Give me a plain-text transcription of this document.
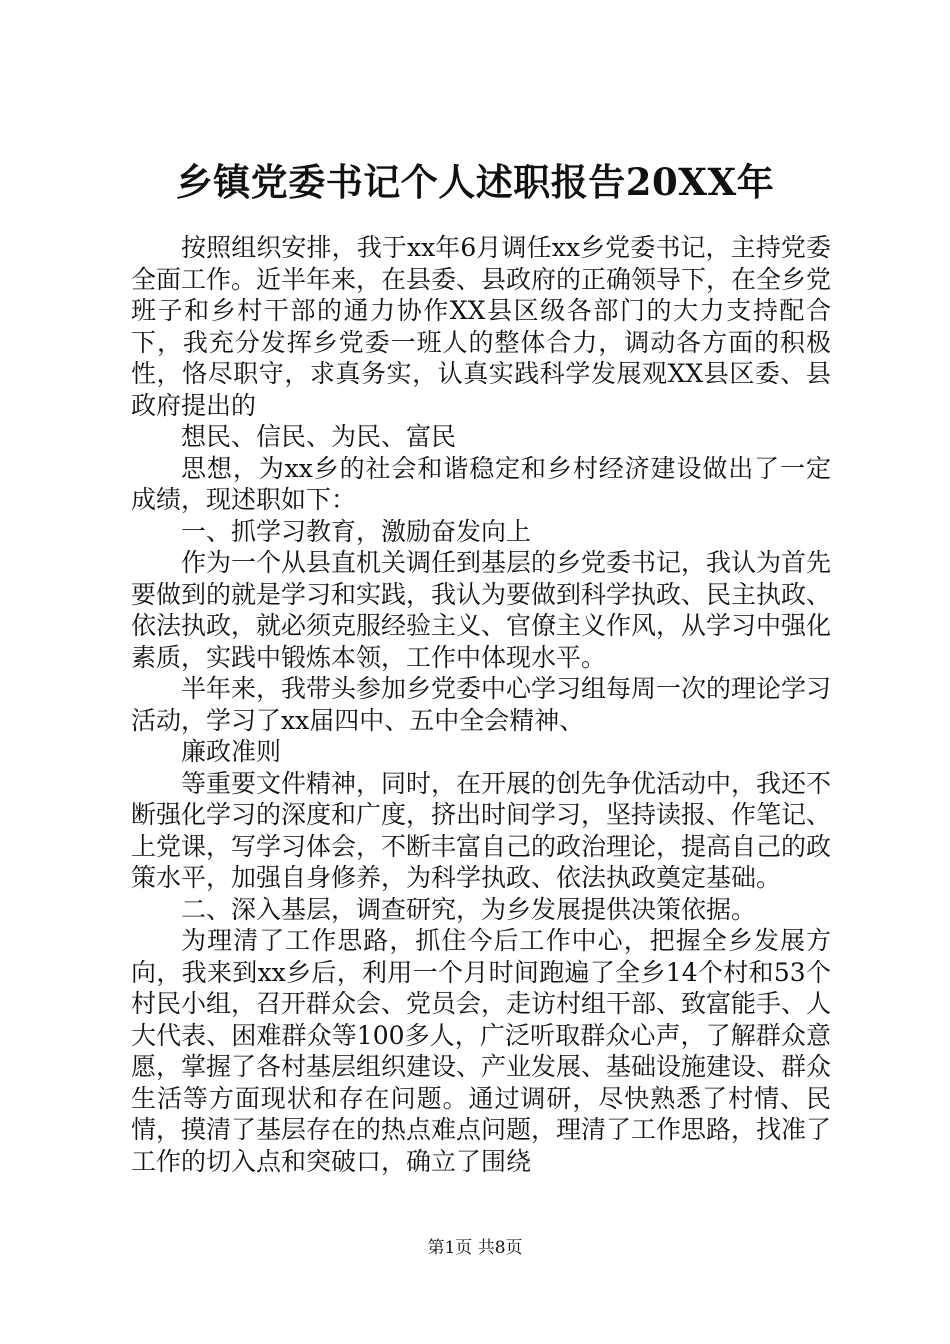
乡镇党委书记个人述职报告20XX年

按照组织安排，我于xx年6月调任xx乡党委书记，主持党委全面工作。近半年来，在县委、县政府的正确领导下，在全乡党班子和乡村干部的通力协作XX县区级各部门的大力支持配合下，我充分发挥乡党委一班人的整体合力，调动各方面的积极性，恪尽职守，求真务实，认真实践科学发展观XX县区委、县政府提出的

想民、信民、为民、富民

思想，为xx乡的社会和谐稳定和乡村经济建设做出了一定成绩，现述职如下：

一、抓学习教育，激励奋发向上

作为一个从县直机关调任到基层的乡党委书记，我认为首先要做到的就是学习和实践，我认为要做到科学执政、民主执政、依法执政，就必须克服经验主义、官僚主义作风，从学习中强化素质，实践中锻炼本领，工作中体现水平。

半年来，我带头参加乡党委中心学习组每周一次的理论学习活动，学习了xx届四中、五中全会精神、

廉政准则

等重要文件精神，同时，在开展的创先争优活动中，我还不断强化学习的深度和广度，挤出时间学习，坚持读报、作笔记、上党课，写学习体会，不断丰富自己的政治理论，提高自己的政策水平，加强自身修养，为科学执政、依法执政奠定基础。

二、深入基层，调查研究，为乡发展提供决策依据。

为理清了工作思路，抓住今后工作中心，把握全乡发展方向，我来到xx乡后，利用一个月时间跑遍了全乡14个村和53个村民小组，召开群众会、党员会，走访村组干部、致富能手、人大代表、困难群众等100多人，广泛听取群众心声，了解群众意愿，掌握了各村基层组织建设、产业发展、基础设施建设、群众生活等方面现状和存在问题。通过调研，尽快熟悉了村情、民情，摸清了基层存在的热点难点问题，理清了工作思路，找准了工作的切入点和突破口，确立了围绕

第1页 共8页
